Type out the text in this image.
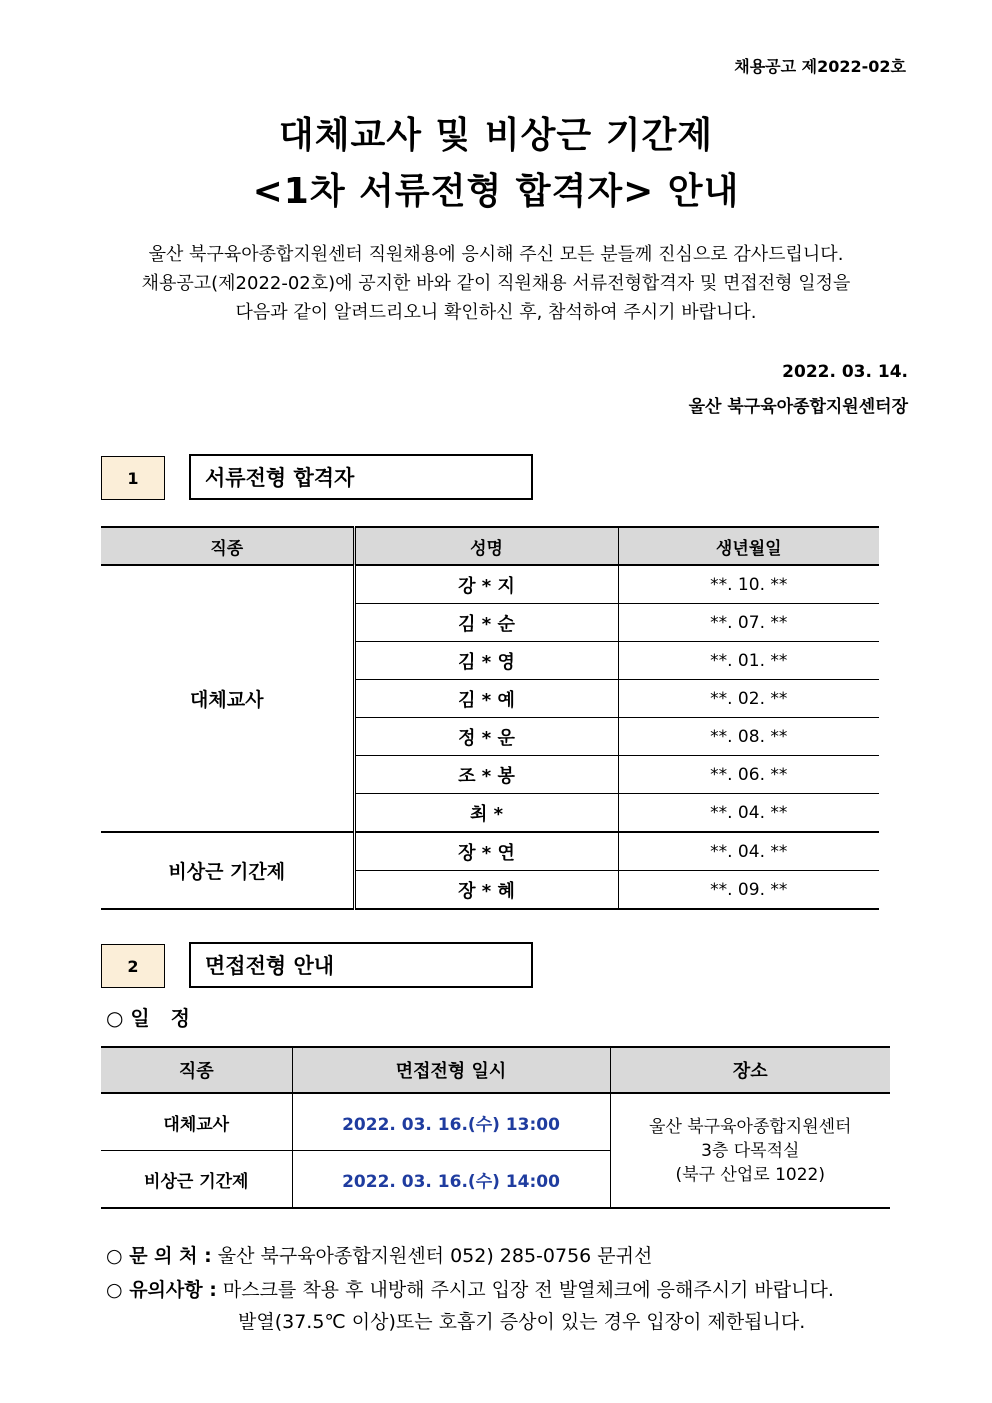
채용공고 제2022-02호
대체교사 및 비상근 기간제
<1차 서류전형 합격자> 안내
울산 북구육아종합지원센터 직원채용에 응시해 주신 모든 분들께 진심으로 감사드립니다.
채용공고(제2022-02호)에 공지한 바와 같이 직원채용 서류전형합격자 및 면접전형 일정을
다음과 같이 알려드리오니 확인하신 후, 참석하여 주시기 바랍니다.
2022. 03. 14.
울산 북구육아종합지원센터장
1	서류전형 합격자
직종	성명	생년월일
대체교사	강 * 지	**. 10. **
	김 * 순	**. 07. **
	김 * 영	**. 01. **
	김 * 예	**. 02. **
	정 * 운	**. 08. **
	조 * 봉	**. 06. **
	최 *	**. 04. **
비상근 기간제	장 * 연	**. 04. **
	장 * 혜	**. 09. **
2	면접전형 안내
○ 일   정
직종	면접전형 일시	장소
대체교사	2022. 03. 16.(수) 13:00	울산 북구육아종합지원센터
3층 다목적실
(북구 산업로 1022)

비상근 기간제	2022. 03. 16.(수) 14:00	
○ 문 의 처 : 울산 북구육아종합지원센터 052) 285-0756 문귀선
○ 유의사항 : 마스크를 착용 후 내방해 주시고 입장 전 발열체크에 응해주시기 바랍니다.
발열(37.5℃ 이상)또는 호흡기 증상이 있는 경우 입장이 제한됩니다.
